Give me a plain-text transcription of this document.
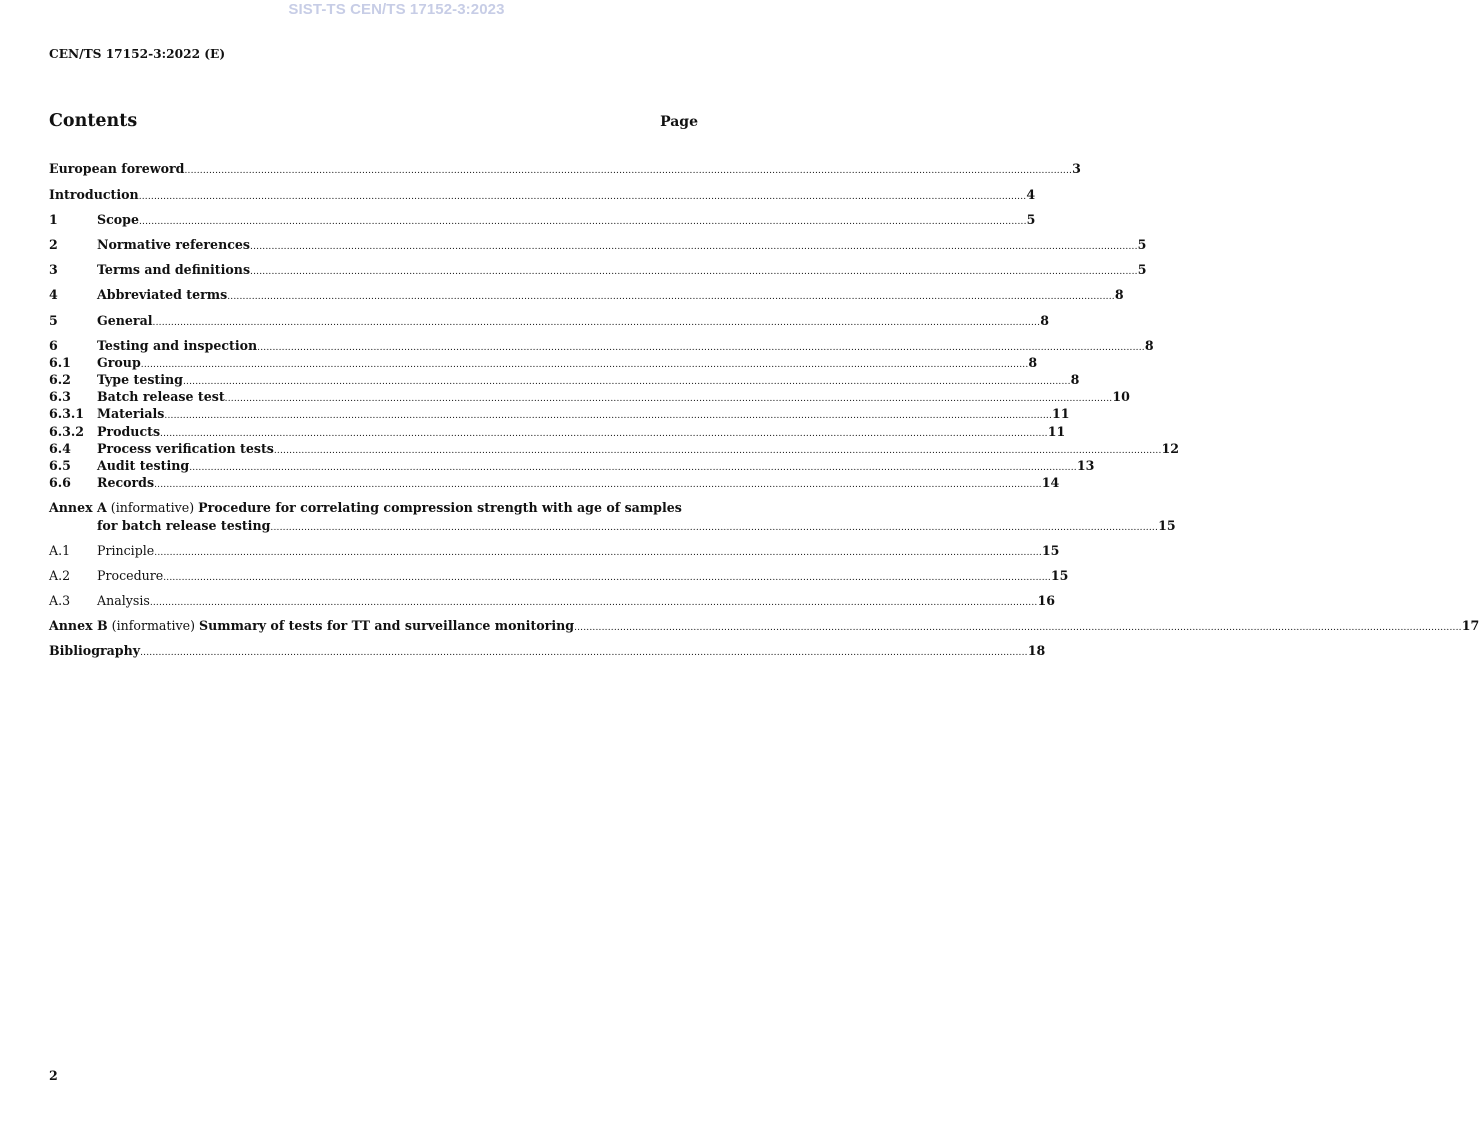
SIST-TS CEN/TS 17152-3:2023
CEN/TS 17152-3:2022 (E)
Contents	Page
European foreword .................................................................................................................................................................................................................................................................................................. 3
Introduction .................................................................................................................................................................................................................................................................................................. 4
1	Scope .................................................................................................................................................................................................................................................................................................. 5
2	Normative references .................................................................................................................................................................................................................................................................................................. 5
3	Terms and definitions .................................................................................................................................................................................................................................................................................................. 5
4	Abbreviated terms .................................................................................................................................................................................................................................................................................................. 8
5	General .................................................................................................................................................................................................................................................................................................. 8
6	Testing and inspection .................................................................................................................................................................................................................................................................................................. 8
6.1	Group .................................................................................................................................................................................................................................................................................................. 8
6.2	Type testing .................................................................................................................................................................................................................................................................................................. 8
6.3	Batch release test .................................................................................................................................................................................................................................................................................................. 10
6.3.1	Materials .................................................................................................................................................................................................................................................................................................. 11
6.3.2	Products .................................................................................................................................................................................................................................................................................................. 11
6.4	Process verification tests .................................................................................................................................................................................................................................................................................................. 12
6.5	Audit testing .................................................................................................................................................................................................................................................................................................. 13
6.6	Records .................................................................................................................................................................................................................................................................................................. 14
Annex A (informative) Procedure for correlating compression strength with age of samples
for batch release testing .................................................................................................................................................................................................................................................................................................. 15
A.1	Principle .................................................................................................................................................................................................................................................................................................. 15
A.2	Procedure .................................................................................................................................................................................................................................................................................................. 15
A.3	Analysis .................................................................................................................................................................................................................................................................................................. 16
Annex B (informative) Summary of tests for TT and surveillance monitoring .................................................................................................................................................................................................................................................................................................. 17
Bibliography .................................................................................................................................................................................................................................................................................................. 18
2
